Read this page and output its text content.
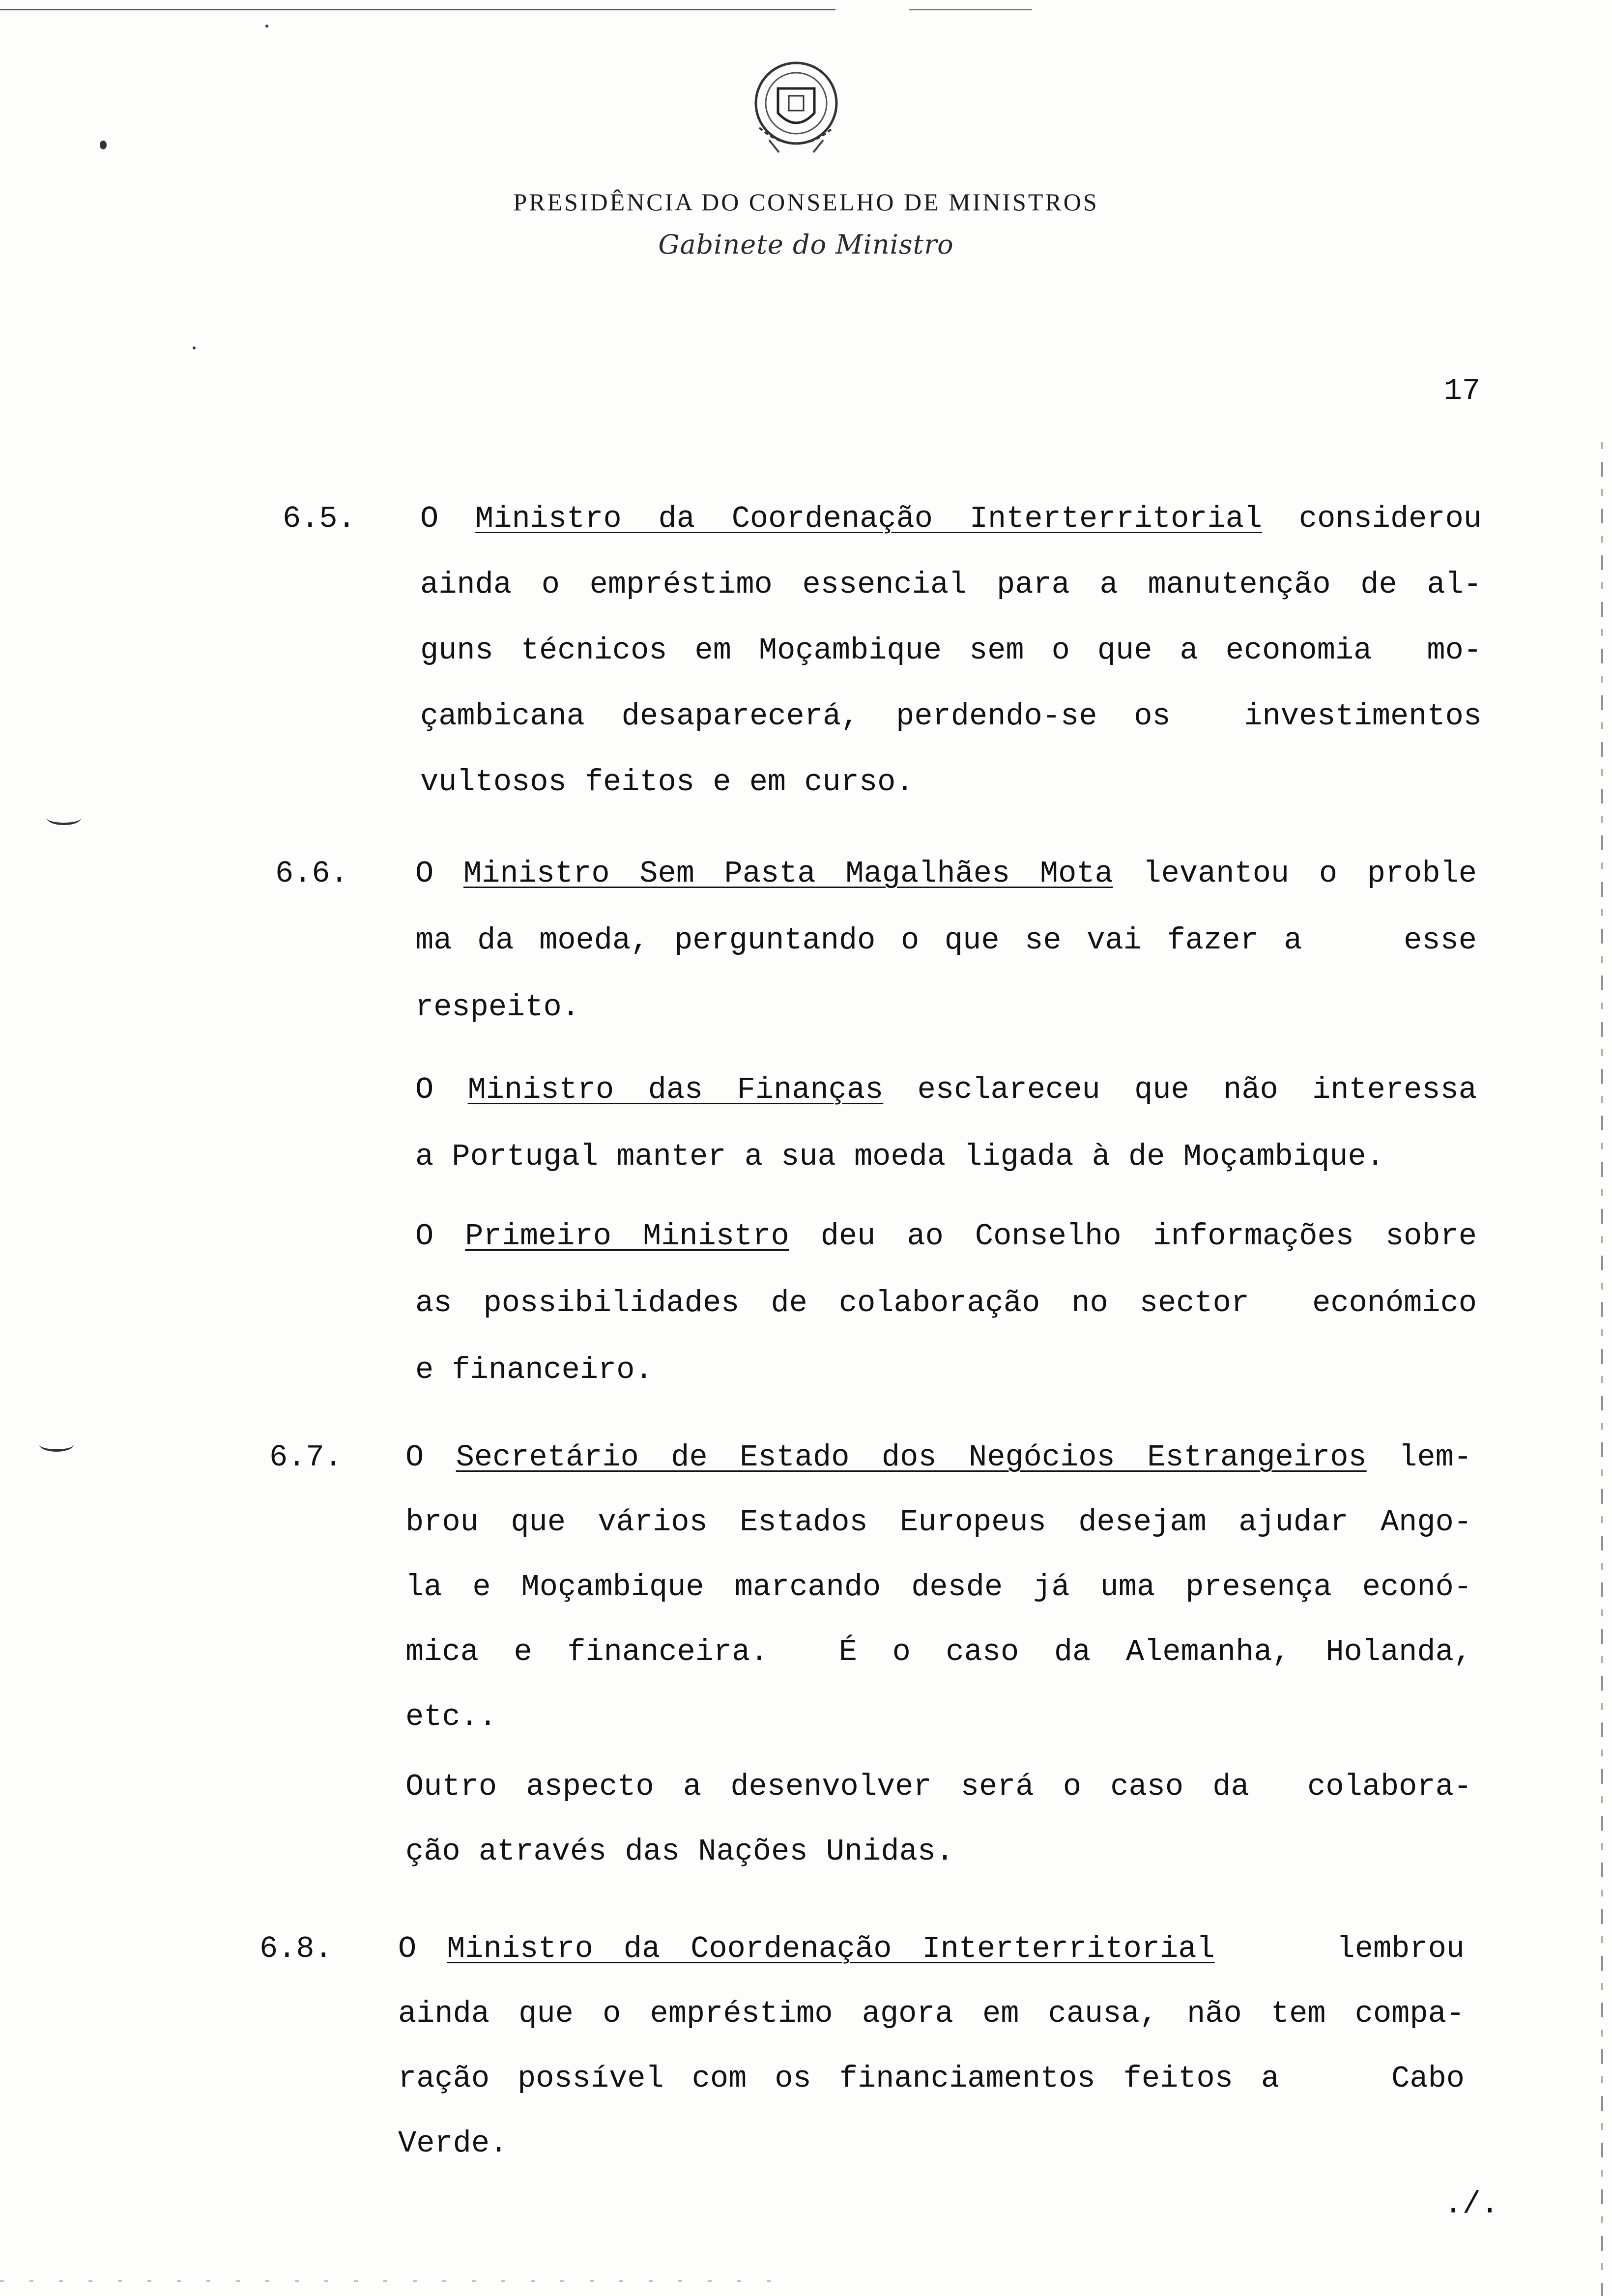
PRESIDÊNCIA DO CONSELHO DE MINISTROS
Gabinete do Ministro
17
6.5. O Ministro da Coordenação Interterritorial considerou
ainda o empréstimo essencial para a manutenção de al-
guns técnicos em Moçambique sem o que a economia  mo-
çambicana desaparecerá, perdendo-se os  investimentos
vultosos feitos e em curso.
6.6. O Ministro Sem Pasta Magalhães Mota levantou o proble
ma da moeda, perguntando o que se vai fazer a    esse
respeito.
O Ministro das Finanças esclareceu que não interessa
a Portugal manter a sua moeda ligada à de Moçambique.
O Primeiro Ministro deu ao Conselho informações sobre
as possibilidades de colaboração no sector  económico
e financeiro.
6.7. O Secretário de Estado dos Negócios Estrangeiros lem-
brou que vários Estados Europeus desejam ajudar Ango-
la e Moçambique marcando desde já uma presença econó-
mica e financeira.  É o caso da Alemanha, Holanda,
etc..
Outro aspecto a desenvolver será o caso da  colabora-
ção através das Nações Unidas.
6.8. O Ministro da Coordenação Interterritorial    lembrou
ainda que o empréstimo agora em causa, não tem compa-
ração possível com os financiamentos feitos a    Cabo
Verde.
./.
